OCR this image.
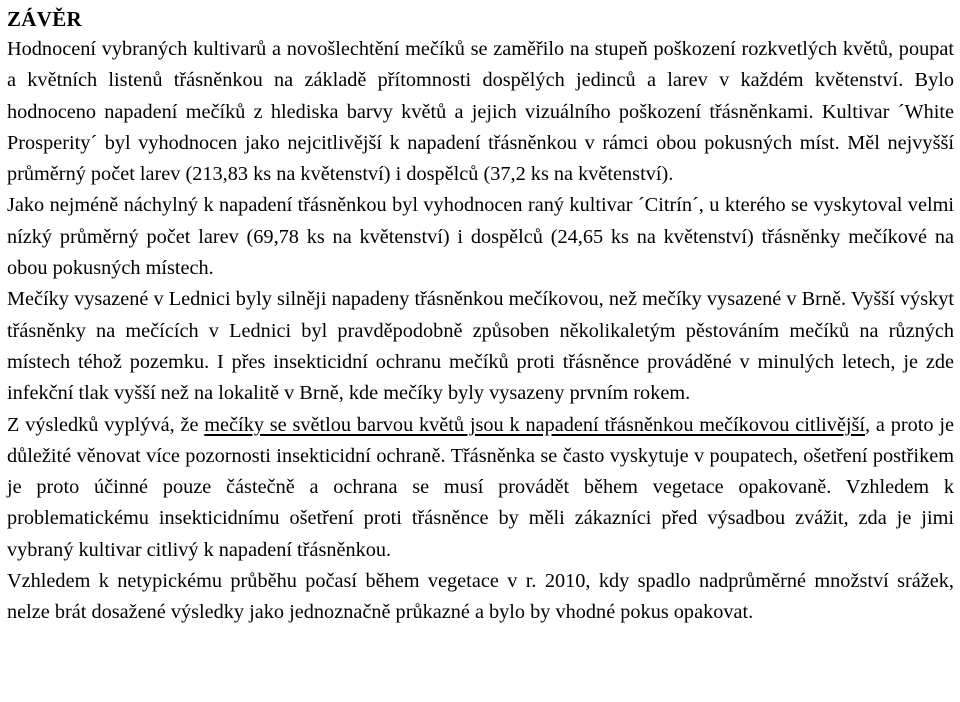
ZÁVĚR

Hodnocení vybraných kultivarů a novošlechtění mečíků se zaměřilo na stupeň poškození rozkvetlých květů, poupat a květních listenů třásněnkou na základě přítomnosti dospělých jedinců a larev v každém květenství. Bylo hodnoceno napadení mečíků z hlediska barvy květů a jejich vizuálního poškození třásněnkami. Kultivar ´White Prosperity´ byl vyhodnocen jako nejcitlivější k napadení třásněnkou v rámci obou pokusných míst. Měl nejvyšší průměrný počet larev (213,83 ks na květenství) i dospělců (37,2 ks na květenství).

Jako nejméně náchylný k napadení třásněnkou byl vyhodnocen raný kultivar ´Citrín´, u kterého se vyskytoval velmi nízký průměrný počet larev (69,78 ks na květenství) i dospělců (24,65 ks na květenství) třásněnky mečíkové na obou pokusných místech.

Mečíky vysazené v Lednici byly silněji napadeny třásněnkou mečíkovou, než mečíky vysazené v Brně. Vyšší výskyt třásněnky na mečících v Lednici byl pravděpodobně způsoben několikaletým pěstováním mečíků na různých místech téhož pozemku. I přes insekticidní ochranu mečíků proti třásněnce prováděné v minulých letech, je zde infekční tlak vyšší než na lokalitě v Brně, kde mečíky byly vysazeny prvním rokem.

Z výsledků vyplývá, že mečíky se světlou barvou květů jsou k napadení třásněnkou mečíkovou citlivější, a proto je důležité věnovat více pozornosti insekticidní ochraně. Třásněnka se často vyskytuje v poupatech, ošetření postřikem je proto účinné pouze částečně a ochrana se musí provádět během vegetace opakovaně. Vzhledem k problematickému insekticidnímu ošetření proti třásněnce by měli zákazníci před výsadbou zvážit, zda je jimi vybraný kultivar citlivý k napadení třásněnkou.

Vzhledem k netypickému průběhu počasí během vegetace v r. 2010, kdy spadlo nadprůměrné množství srážek, nelze brát dosažené výsledky jako jednoznačně průkazné a bylo by vhodné pokus opakovat.
